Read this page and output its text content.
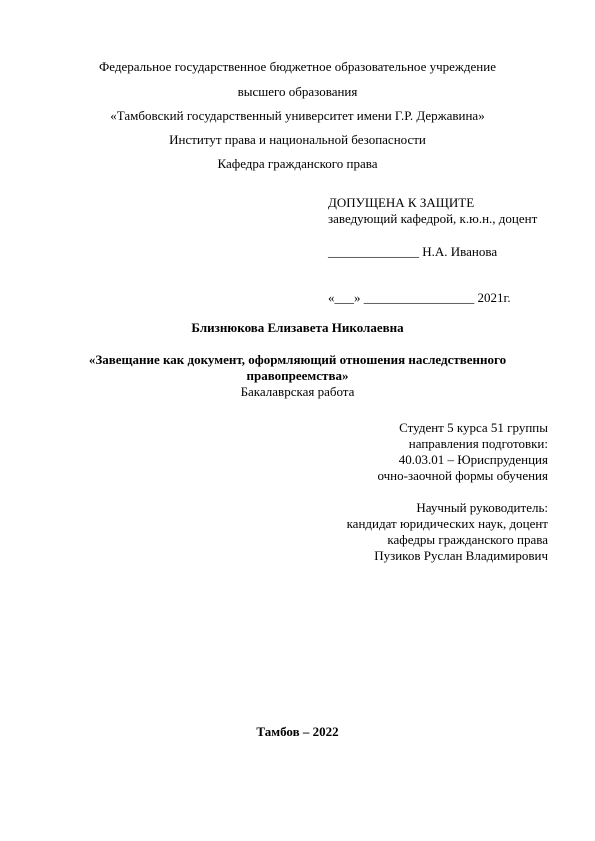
Федеральное государственное бюджетное образовательное учреждение
высшего образования
«Тамбовский государственный университет имени Г.Р. Державина»
Институт права и национальной безопасности
Кафедра гражданского права
ДОПУЩЕНА К ЗАЩИТЕ
заведующий кафедрой, к.ю.н., доцент
______________ Н.А. Иванова
«___» _________________ 2021г.
Близнюкова Елизавета Николаевна
«Завещание как документ, оформляющий отношения наследственного
правопреемства»
Бакалаврская работа
Студент 5 курса 51 группы
направления подготовки:
40.03.01 – Юриспруденция
очно-заочной формы обучения
Научный руководитель:
кандидат юридических наук, доцент
кафедры гражданского права
Пузиков Руслан Владимирович
Тамбов – 2022
